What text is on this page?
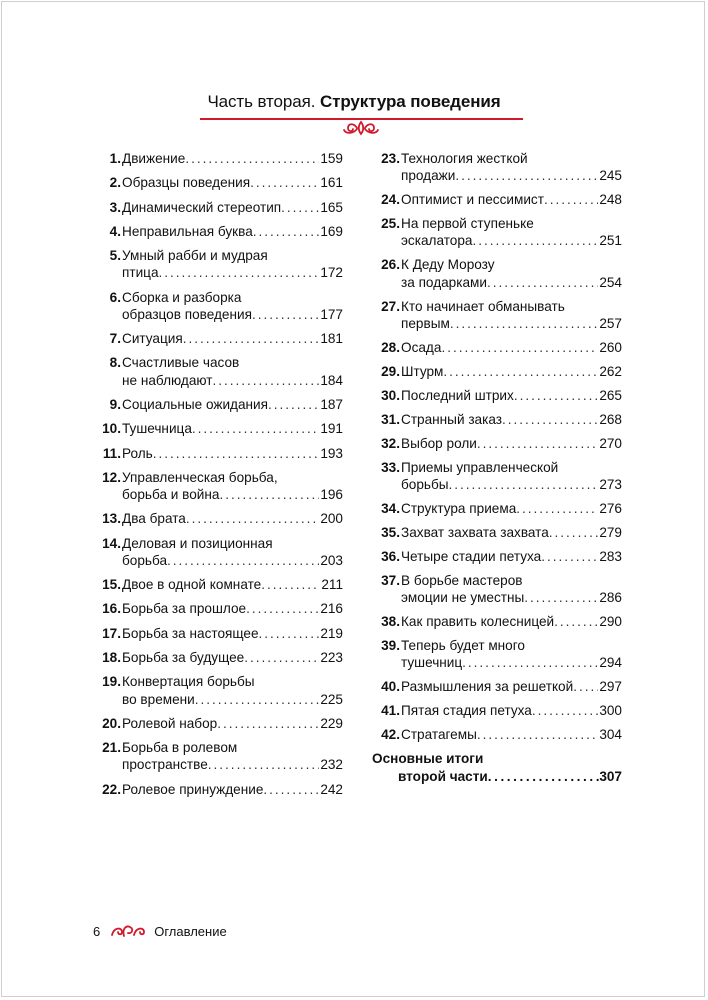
Часть вторая. Структура поведения
1. Движение . . .	159
2. Образцы поведения . . .	161
3. Динамический стереотип . . .	165
4. Неправильная буква . . .	169
5. Умный рабби и мудрая
птица . . .	172
6. Сборка и разборка
образцов поведения . . .	177
7. Ситуация . . .	181
8. Счастливые часов
не наблюдают . . .	184
9. Социальные ожидания . . .	187
10. Тушечница . . .	191
11. Роль . . .	193
12. Управленческая борьба,
борьба и война . . .	196
13. Два брата . . .	200
14. Деловая и позиционная
борьба . . .	203
15. Двое в одной комнате . . .	211
16. Борьба за прошлое . . .	216
17. Борьба за настоящее . . .	219
18. Борьба за будущее . . .	223
19. Конвертация борьбы
во времени . . .	225
20. Ролевой набор . . .	229
21. Борьба в ролевом
пространстве . . .	232
22. Ролевое принуждение . . .	242
23. Технология жесткой
продажи . . .	245
24. Оптимист и пессимист . . .	248
25. На первой ступеньке
эскалатора . . .	251
26. К Деду Морозу
за подарками . . .	254
27. Кто начинает обманывать
первым . . .	257
28. Осада . . .	260
29. Штурм . . .	262
30. Последний штрих . . .	265
31. Странный заказ . . .	268
32. Выбор роли . . .	270
33. Приемы управленческой
борьбы . . .	273
34. Структура приема . . .	276
35. Захват захвата захвата . . .	279
36. Четыре стадии петуха . . .	283
37. В борьбе мастеров
эмоции не уместны . . .	286
38. Как править колесницей . . .	290
39. Теперь будет много
тушечниц . . .	294
40. Размышления за решеткой . . . 297
41. Пятая стадия петуха . . .	300
42. Стратагемы . . .	304
Основные итоги
второй части . . .	307
6	Оглавление
